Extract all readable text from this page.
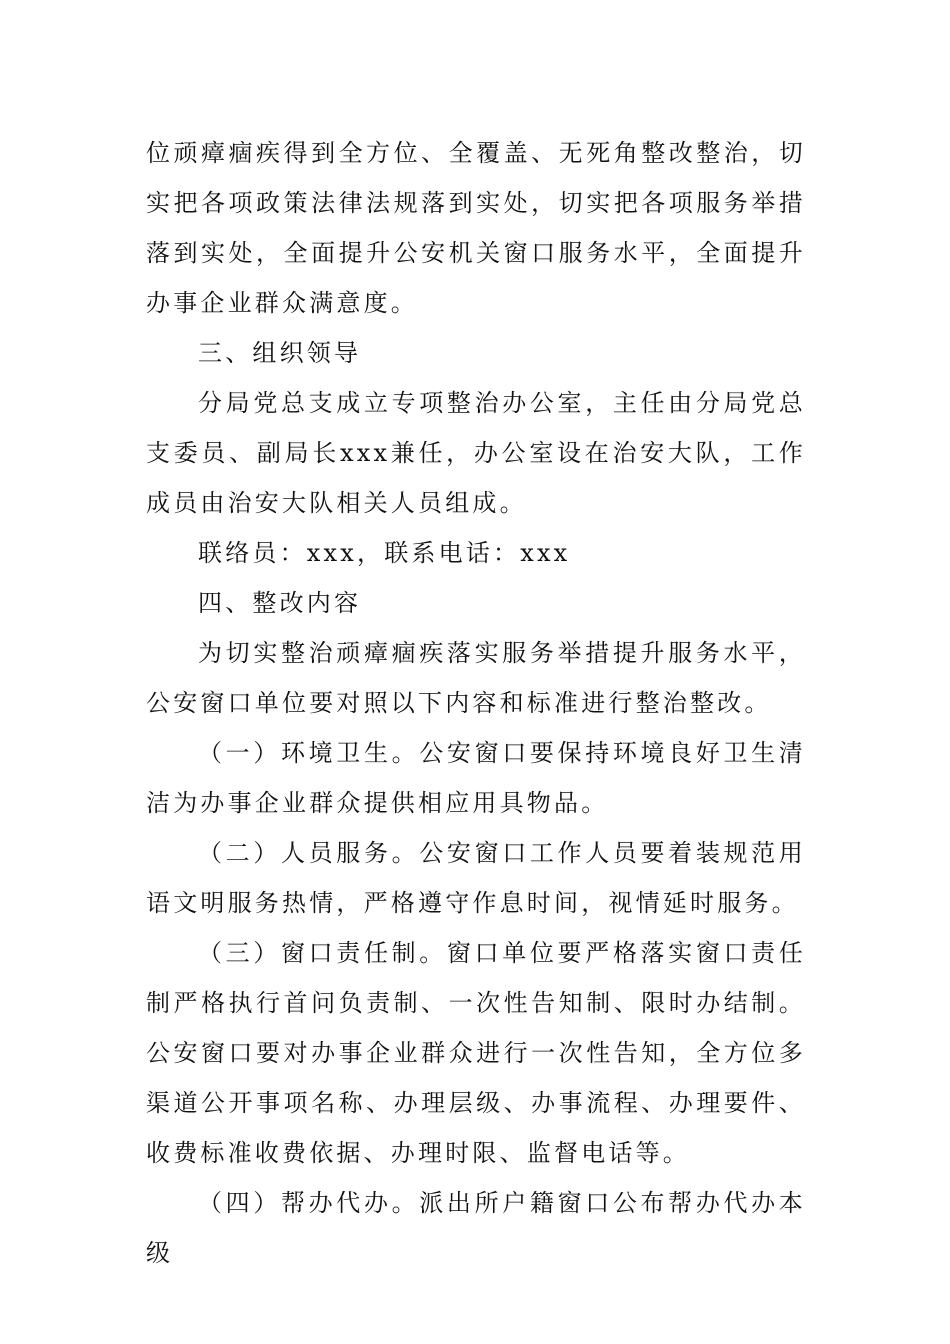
位顽瘴痼疾得到全方位、全覆盖、无死角整改整治，切实把各项政策法律法规落到实处，切实把各项服务举措落到实处，全面提升公安机关窗口服务水平，全面提升办事企业群众满意度。

三、组织领导

分局党总支成立专项整治办公室，主任由分局党总支委员、副局长xxx兼任，办公室设在治安大队，工作成员由治安大队相关人员组成。

联络员：xxx，联系电话：xxx

四、整改内容

为切实整治顽瘴痼疾落实服务举措提升服务水平，公安窗口单位要对照以下内容和标准进行整治整改。

（一）环境卫生。公安窗口要保持环境良好卫生清洁为办事企业群众提供相应用具物品。

（二）人员服务。公安窗口工作人员要着装规范用语文明服务热情，严格遵守作息时间，视情延时服务。

（三）窗口责任制。窗口单位要严格落实窗口责任制严格执行首问负责制、一次性告知制、限时办结制。公安窗口要对办事企业群众进行一次性告知，全方位多渠道公开事项名称、办理层级、办事流程、办理要件、收费标准收费依据、办理时限、监督电话等。

（四）帮办代办。派出所户籍窗口公布帮办代办本级
